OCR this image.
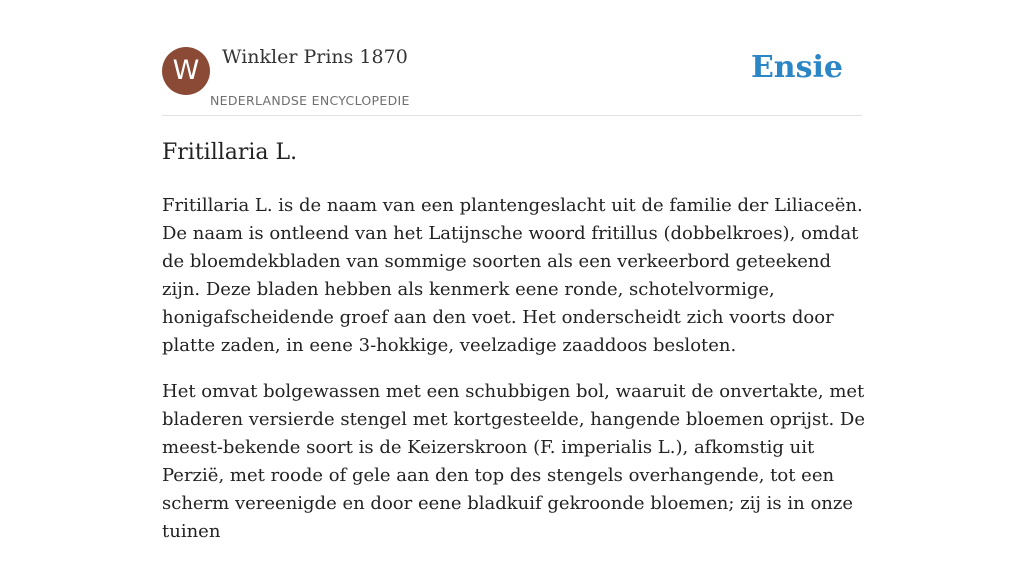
W	Winkler Prins 1870
NEDERLANDSE ENCYCLOPEDIE
Ensie
Fritillaria L.

Fritillaria L. is de naam van een plantengeslacht uit de familie der Liliaceën. De naam is ontleend van het Latijnsche woord fritillus (dobbelkroes), omdat de bloemdekbladen van sommige soorten als een verkeerbord geteekend zijn. Deze bladen hebben als kenmerk eene ronde, schotelvormige, honigafscheidende groef aan den voet. Het onderscheidt zich voorts door platte zaden, in eene 3-hokkige, veelzadige zaaddoos besloten.

Het omvat bolgewassen met een schubbigen bol, waaruit de onvertakte, met bladeren versierde stengel met kortgesteelde, hangende bloemen oprijst. De meest-bekende soort is de Keizerskroon (F. imperialis L.), afkomstig uit Perzië, met roode of gele aan den top des stengels overhangende, tot een scherm vereenigde en door eene bladkuif gekroonde bloemen; zij is in onze tuinen
